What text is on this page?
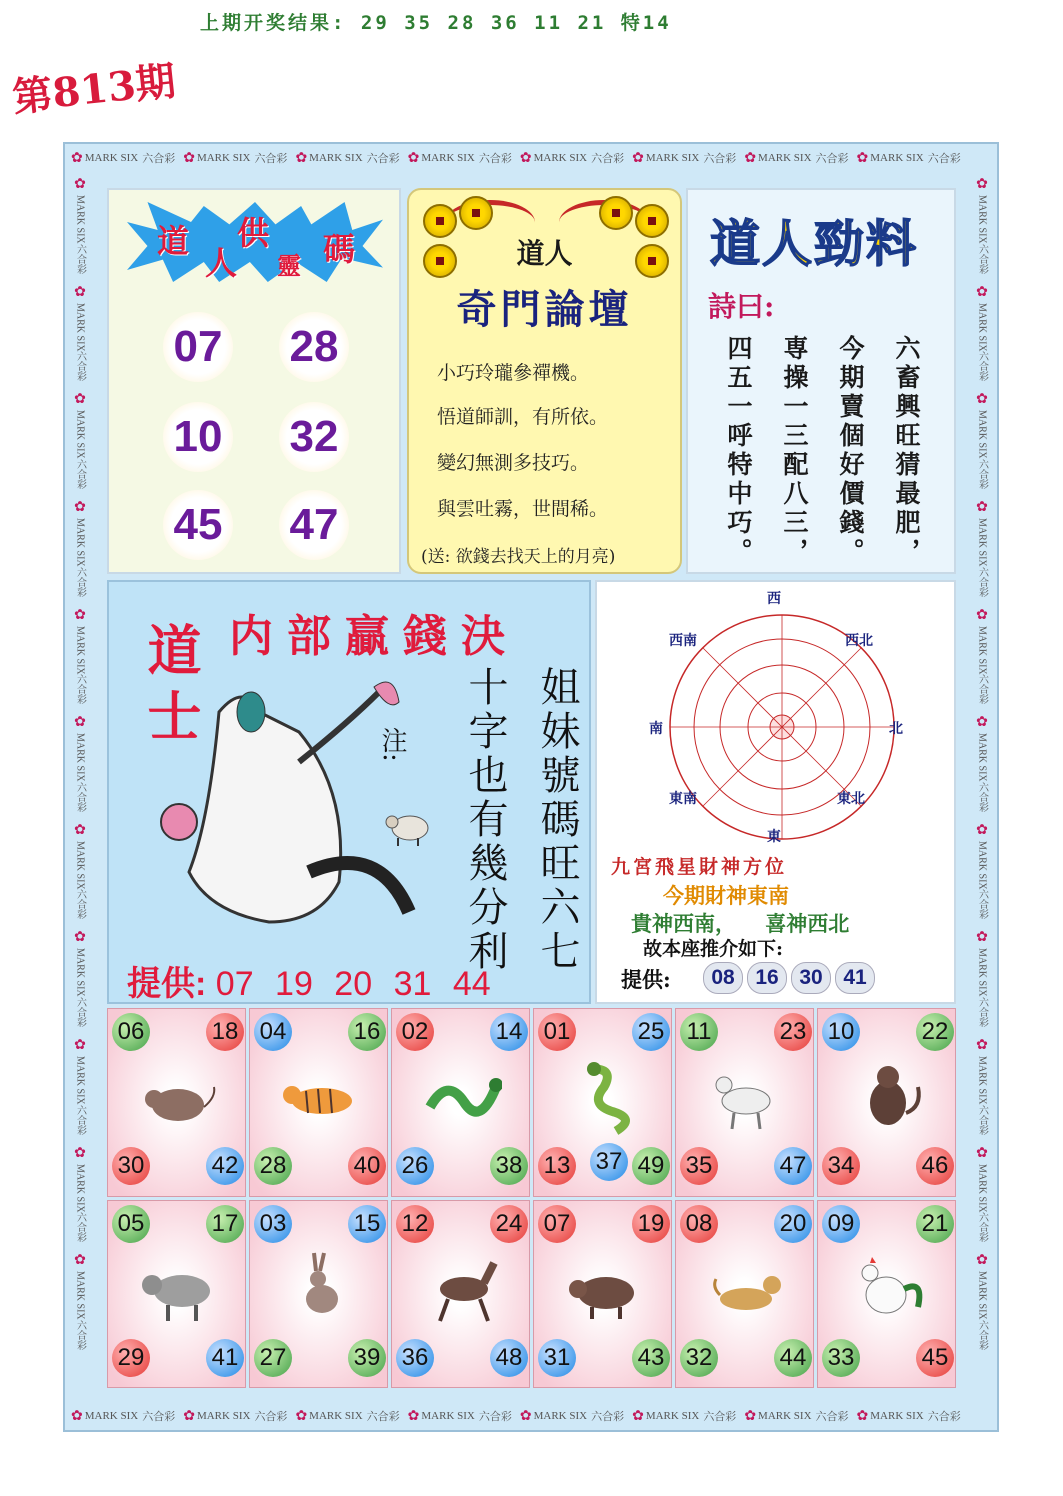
上期开奖结果: 29 35 28 36 11 21 特14
第813期
✿ MARK SIX 六合彩 ✿ MARK SIX 六合彩 ✿ MARK SIX 六合彩 ✿ MARK SIX 六合彩 ✿ MARK SIX 六合彩 ✿ MARK SIX 六合彩 ✿ MARK SIX 六合彩 ✿ MARK SIX 六合彩
✿ MARK SIX 六合彩 ✿ MARK SIX 六合彩 ✿ MARK SIX 六合彩 ✿ MARK SIX 六合彩 ✿ MARK SIX 六合彩 ✿ MARK SIX 六合彩 ✿ MARK SIX 六合彩 ✿ MARK SIX 六合彩
✿
MARK SIX
六合彩
✿
MARK SIX
六合彩
✿
MARK SIX
六合彩
✿
MARK SIX
六合彩
✿
MARK SIX
六合彩
✿
MARK SIX
六合彩
✿
MARK SIX
六合彩
✿
MARK SIX
六合彩
✿
MARK SIX
六合彩
✿
MARK SIX
六合彩
✿
MARK SIX
六合彩
✿
MARK SIX
六合彩
✿
MARK SIX
六合彩
✿
MARK SIX
六合彩
✿
MARK SIX
六合彩
✿
MARK SIX
六合彩
✿
MARK SIX
六合彩
✿
MARK SIX
六合彩
✿
MARK SIX
六合彩
✿
MARK SIX
六合彩
✿
MARK SIX
六合彩
✿
MARK SIX
六合彩
道
人
供
靈 碼
07 28
10 32
45 47
道人
奇門論壇
小巧玲瓏參禪機。
悟道師訓，有所依。
變幻無測多技巧。
與雲吐霧，世間稀。
(送: 欲錢去找天上的月亮)
道人勁料
詩曰:
六畜興旺猜最肥，
今期賣個好價錢。
専操一三配八三，
四五一呼特中巧。
内部贏錢決
道士	注:	姐妹號碼旺六七
十字也有幾分利
提供: 07 19 20 31 44
西
東
南	北
西南	西北
東南	東北
九宮飛星財神方位
今期財神東南
貴神西南，    喜神西北
故本座推介如下:
提供:	08 16 30 41
06	18
30	42
04	16
28	40
02	14
26	38
01	25
13 37 49
11	23
35	47
10	22
34	46
05	17
29	41
03	15
27	39
12	24
36	48
07	19
31	43
08	20
32	44
09	21
33	45
